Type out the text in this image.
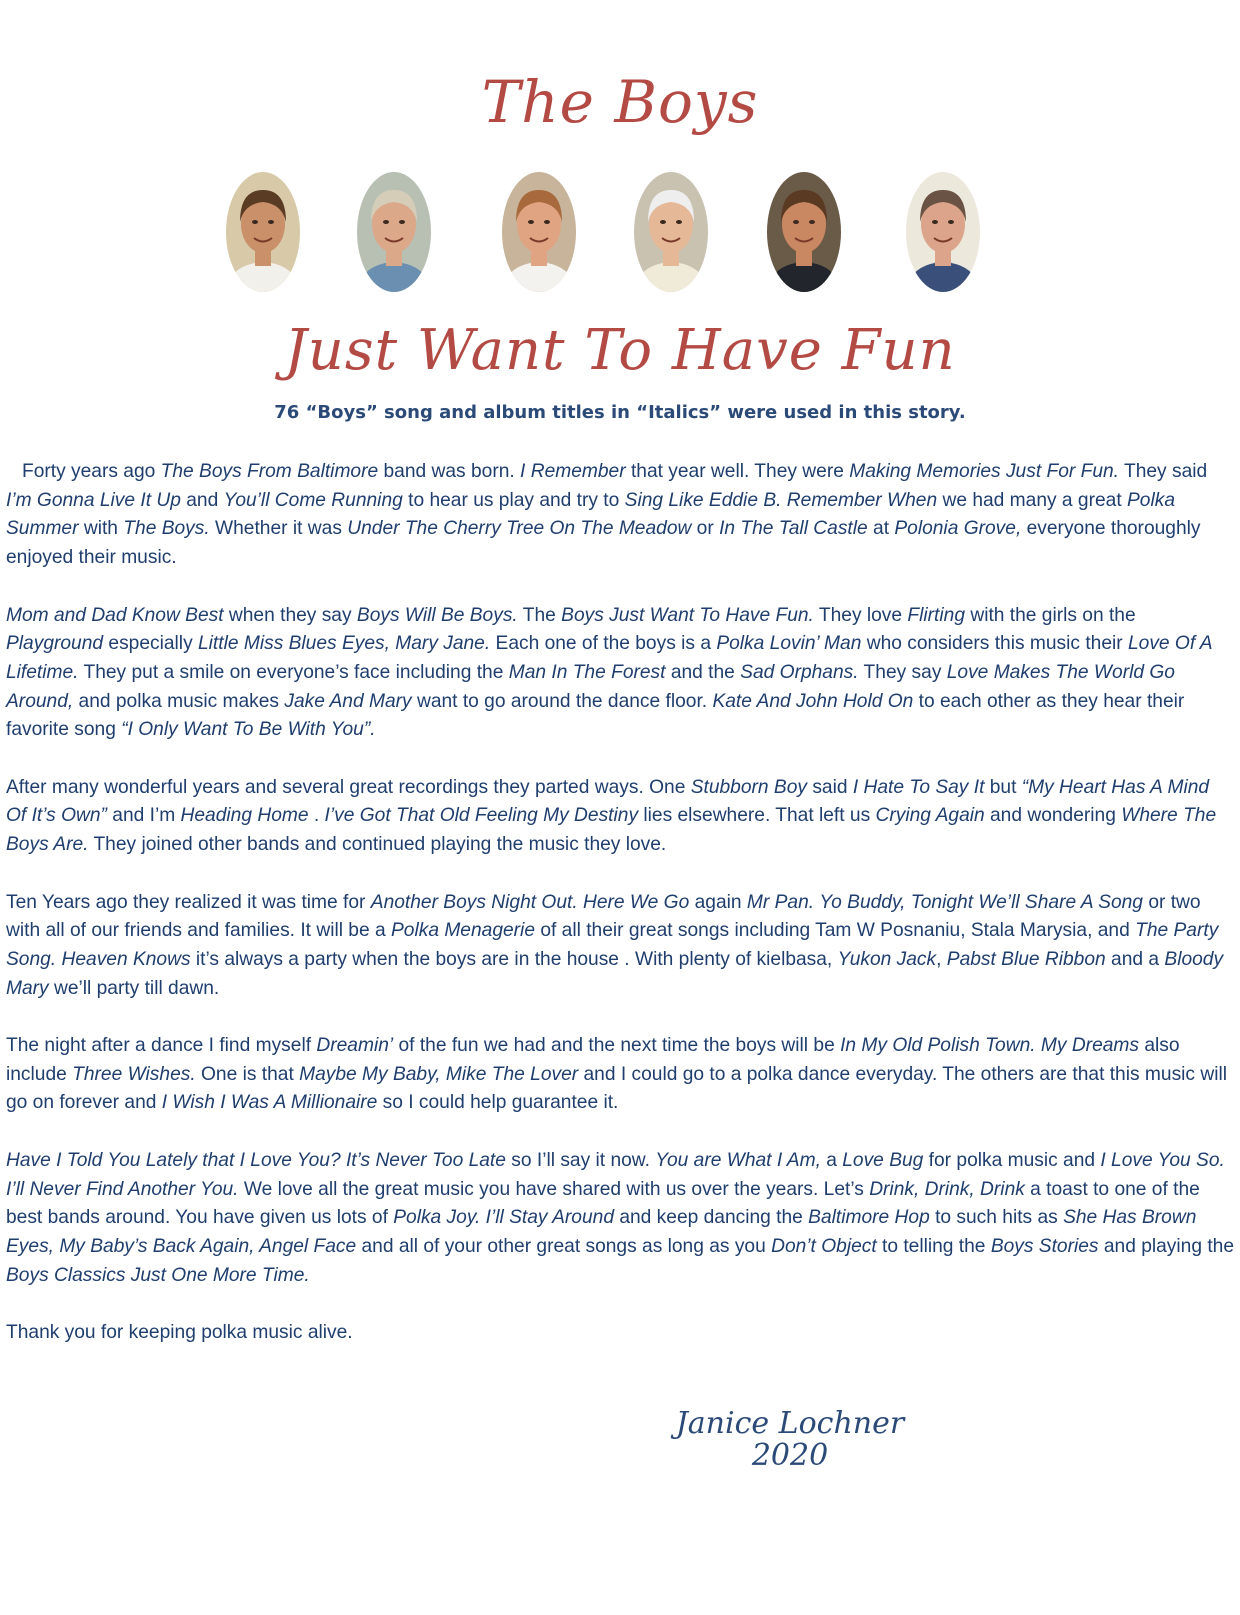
The Boys
Just Want To Have Fun
76 “Boys” song and album titles in “Italics” were used in this story.

Forty years ago The Boys From Baltimore band was born. I Remember that year well. They were Making Memories Just For Fun. They said I’m Gonna Live It Up and You’ll Come Running to hear us play and try to Sing Like Eddie B. Remember When we had many a great Polka Summer with The Boys. Whether it was Under The Cherry Tree On The Meadow or In The Tall Castle at Polonia Grove, everyone thoroughly enjoyed their music.

Mom and Dad Know Best when they say Boys Will Be Boys. The Boys Just Want To Have Fun. They love Flirting with the girls on the Playground especially Little Miss Blues Eyes, Mary Jane. Each one of the boys is a Polka Lovin’ Man who considers this music their Love Of A Lifetime. They put a smile on everyone’s face including the Man In The Forest and the Sad Orphans. They say Love Makes The World Go Around, and polka music makes Jake And Mary want to go around the dance floor. Kate And John Hold On to each other as they hear their favorite song “I Only Want To Be With You”.

After many wonderful years and several great recordings they parted ways. One Stubborn Boy said I Hate To Say It but “My Heart Has A Mind Of It’s Own” and I’m Heading Home . I’ve Got That Old Feeling My Destiny lies elsewhere. That left us Crying Again and wondering Where The Boys Are. They joined other bands and continued playing the music they love.

Ten Years ago they realized it was time for Another Boys Night Out. Here We Go again Mr Pan. Yo Buddy, Tonight We’ll Share A Song or two with all of our friends and families. It will be a Polka Menagerie of all their great songs including Tam W Posnaniu, Stala Marysia, and The Party Song. Heaven Knows it’s always a party when the boys are in the house . With plenty of kielbasa, Yukon Jack, Pabst Blue Ribbon and a Bloody Mary we’ll party till dawn.

The night after a dance I find myself Dreamin’ of the fun we had and the next time the boys will be In My Old Polish Town. My Dreams also include Three Wishes. One is that Maybe My Baby, Mike The Lover and I could go to a polka dance everyday. The others are that this music will go on forever and I Wish I Was A Millionaire so I could help guarantee it.

Have I Told You Lately that I Love You? It’s Never Too Late so I’ll say it now. You are What I Am, a Love Bug for polka music and I Love You So. I’ll Never Find Another You. We love all the great music you have shared with us over the years. Let’s Drink, Drink, Drink a toast to one of the best bands around. You have given us lots of Polka Joy. I’ll Stay Around and keep dancing the Baltimore Hop to such hits as She Has Brown Eyes, My Baby’s Back Again, Angel Face and all of your other great songs as long as you Don’t Object to telling the Boys Stories and playing the Boys Classics Just One More Time.

Thank you for keeping polka music alive.

Janice Lochner
2020
